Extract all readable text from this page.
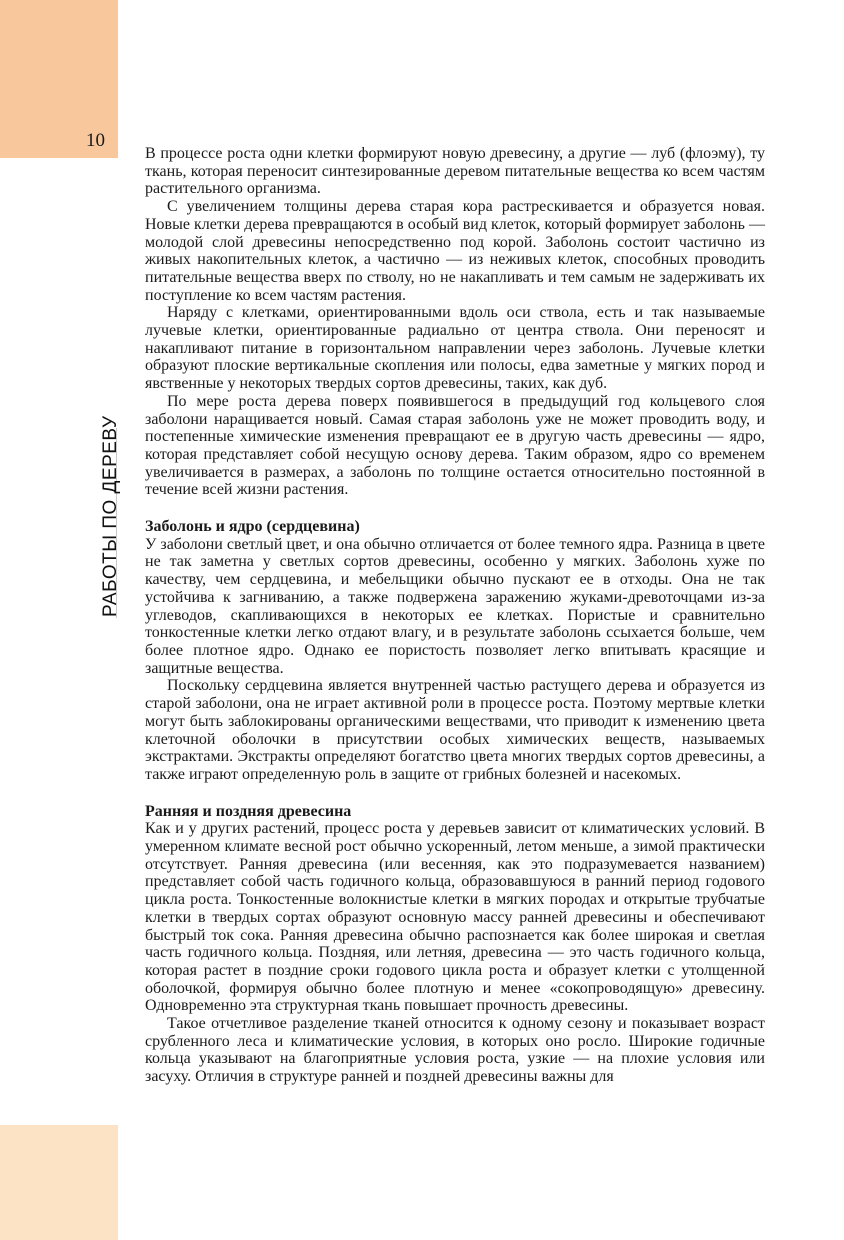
10
РАБОТЫ ПО ДЕРЕВУ

В процессе роста одни клетки формируют новую древесину, а другие — луб (флоэму), ту ткань, которая переносит синтезированные деревом питательные вещества ко всем частям растительного организма.

С увеличением толщины дерева старая кора растрескивается и образуется новая. Новые клетки дерева превращаются в особый вид клеток, который формирует заболонь — молодой слой древесины непосредственно под корой. Заболонь состоит частично из живых накопительных клеток, а частично — из неживых клеток, способных проводить питательные вещества вверх по стволу, но не накапливать и тем самым не задерживать их поступление ко всем частям растения.

Наряду с клетками, ориентированными вдоль оси ствола, есть и так называемые лучевые клетки, ориентированные радиально от центра ствола. Они переносят и накапливают питание в горизонтальном направлении через заболонь. Лучевые клетки образуют плоские вертикальные скопления или полосы, едва заметные у мягких пород и явственные у некоторых твердых сортов древесины, таких, как дуб.

По мере роста дерева поверх появившегося в предыдущий год кольцевого слоя заболони наращивается новый. Самая старая заболонь уже не может проводить воду, и постепенные химические изменения превращают ее в другую часть древесины — ядро, которая представляет собой несущую основу дерева. Таким образом, ядро со временем увеличивается в размерах, а заболонь по толщине остается относительно постоянной в течение всей жизни растения.

Заболонь и ядро (сердцевина)

У заболони светлый цвет, и она обычно отличается от более темного ядра. Разница в цвете не так заметна у светлых сортов древесины, особенно у мягких. Заболонь хуже по качеству, чем сердцевина, и мебельщики обычно пускают ее в отходы. Она не так устойчива к загниванию, а также подвержена заражению жуками-древоточцами из-за углеводов, скапливающихся в некоторых ее клетках. Пористые и сравнительно тонкостенные клетки легко отдают влагу, и в результате заболонь ссыхается больше, чем более плотное ядро. Однако ее пористость позволяет легко впитывать красящие и защитные вещества.

Поскольку сердцевина является внутренней частью растущего дерева и образуется из старой заболони, она не играет активной роли в процессе роста. Поэтому мертвые клетки могут быть заблокированы органическими веществами, что приводит к изменению цвета клеточной оболочки в присутствии особых химических веществ, называемых экстрактами. Экстракты определяют богатство цвета многих твердых сортов древесины, а также играют определенную роль в защите от грибных болезней и насекомых.

Ранняя и поздняя древесина

Как и у других растений, процесс роста у деревьев зависит от климатических условий. В умеренном климате весной рост обычно ускоренный, летом меньше, а зимой практически отсутствует. Ранняя древесина (или весенняя, как это подразумевается названием) представляет собой часть годичного кольца, образовавшуюся в ранний период годового цикла роста. Тонкостенные волокнистые клетки в мягких породах и открытые трубчатые клетки в твердых сортах образуют основную массу ранней древесины и обеспечивают быстрый ток сока. Ранняя древесина обычно распознается как более широкая и светлая часть годичного кольца. Поздняя, или летняя, древесина — это часть годичного кольца, которая растет в поздние сроки годового цикла роста и образует клетки с утолщенной оболочкой, формируя обычно более плотную и менее «сокопроводящую» древесину. Одновременно эта структурная ткань повышает прочность древесины.

Такое отчетливое разделение тканей относится к одному сезону и показывает возраст срубленного леса и климатические условия, в которых оно росло. Широкие годичные кольца указывают на благоприятные условия роста, узкие — на плохие условия или засуху. Отличия в структуре ранней и поздней древесины важны для
